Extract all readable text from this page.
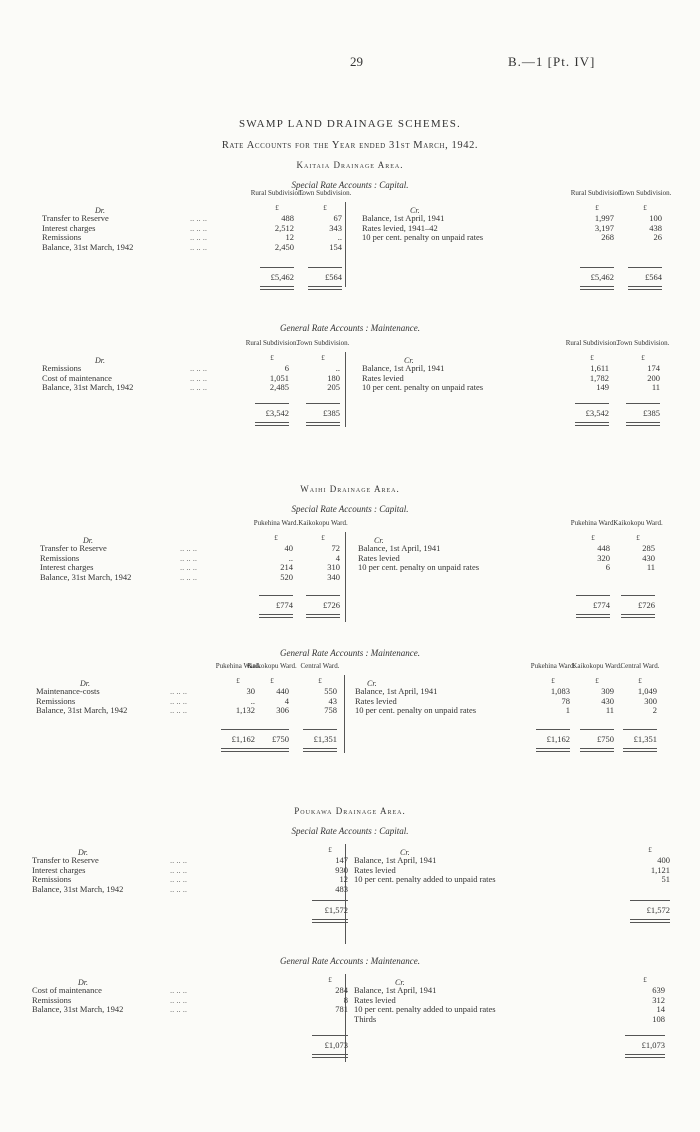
29	B.—1 [Pt. IV]
SWAMP LAND DRAINAGE SCHEMES.
Rate Accounts for the Year ended 31st March, 1942.
Kaitaia Drainage Area.
Special Rate Accounts : Capital.
Dr.	Cr.
Rural Subdivision.
£
Town Subdivision.
£
Rural Subdivision.
£
Town Subdivision.
£
Transfer to Reserve	.. .. ..	488	67
Interest charges	.. .. ..	2,512	343
Remissions	.. .. ..	12	..
Balance, 31st March, 1942	.. .. ..	2,450	154
Balance, 1st April, 1941	1,997	100
Rates levied, 1941–42	3,197	438
10 per cent. penalty on unpaid rates	268	26
£5,462	£564	£5,462	£564
General Rate Accounts : Maintenance.
Dr.	Cr.
Rural Subdivision.
£
Town Subdivision.
£
Rural Subdivision.
£
Town Subdivision.
£
Remissions	.. .. ..	6	..
Cost of maintenance	.. .. ..	1,051	180
Balance, 31st March, 1942	.. .. ..	2,485	205
Balance, 1st April, 1941	1,611	174
Rates levied	1,782	200
10 per cent. penalty on unpaid rates	149	11
£3,542	£385	£3,542	£385
Waihi Drainage Area.
Special Rate Accounts : Capital.
Dr.	Cr.
Pukehina Ward.
£
Kaikokopu Ward.
£
Pukehina Ward.
£
Kaikokopu Ward.
£
Transfer to Reserve	.. .. ..	40	72
Remissions	.. .. ..	..	4
Interest charges	.. .. ..	214	310
Balance, 31st March, 1942	.. .. ..	520	340
Balance, 1st April, 1941	448	285
Rates levied	320	430
10 per cent. penalty on unpaid rates	6	11
£774	£726	£774	£726
General Rate Accounts : Maintenance.
Dr.	Cr.
Pukehina Ward.
£
Kaikokopu Ward.
£
Central Ward.
£
Pukehina Ward.
£
Kaikokopu Ward.
£
Central Ward.
£
Maintenance-costs	.. .. ..	30	440	550
Remissions	.. .. ..	..	4	43
Balance, 31st March, 1942	.. .. ..	1,132	306	758
Balance, 1st April, 1941	1,083	309	1,049
Rates levied	78	430	300
10 per cent. penalty on unpaid rates	1	11	2
£1,162	£750	£1,351	£1,162	£750	£1,351
Poukawa Drainage Area.
Special Rate Accounts : Capital.
Dr.	Cr.
£	£
Transfer to Reserve	.. .. ..	147
Interest charges	.. .. ..	930
Remissions	.. .. ..	12
Balance, 31st March, 1942	.. .. ..	483
Balance, 1st April, 1941	400
Rates levied	1,121
10 per cent. penalty added to unpaid rates	51
£1,572	£1,572
General Rate Accounts : Maintenance.
Dr.	Cr.
£	£
Cost of maintenance	.. .. ..	284
Remissions	.. .. ..	8
Balance, 31st March, 1942	.. .. ..	781
Balance, 1st April, 1941	639
Rates levied	312
10 per cent. penalty added to unpaid rates	14
Thirds	108
£1,073	£1,073
